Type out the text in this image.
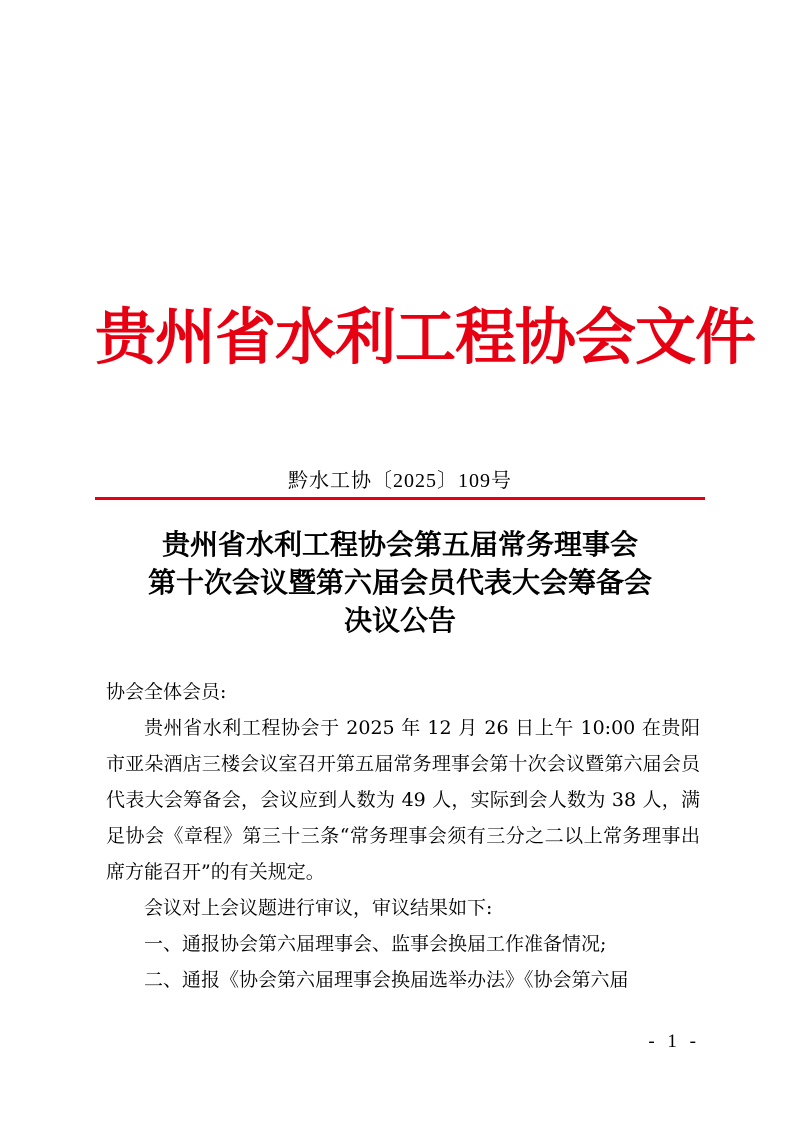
贵州省水利工程协会文件
黔水工协〔2025〕109号
贵州省水利工程协会第五届常务理事会
第十次会议暨第六届会员代表大会筹备会
决议公告

协会全体会员:

贵州省水利工程协会于 2025 年 12 月 26 日上午 10:00 在贵阳市亚朵酒店三楼会议室召开第五届常务理事会第十次会议暨第六届会员代表大会筹备会，会议应到人数为 49 人，实际到会人数为 38 人，满足协会《章程》第三十三条“常务理事会须有三分之二以上常务理事出席方能召开”的有关规定。

会议对上会议题进行审议，审议结果如下:

一、通报协会第六届理事会、监事会换届工作准备情况;

二、通报《协会第六届理事会换届选举办法》《协会第六届

- 1 -
